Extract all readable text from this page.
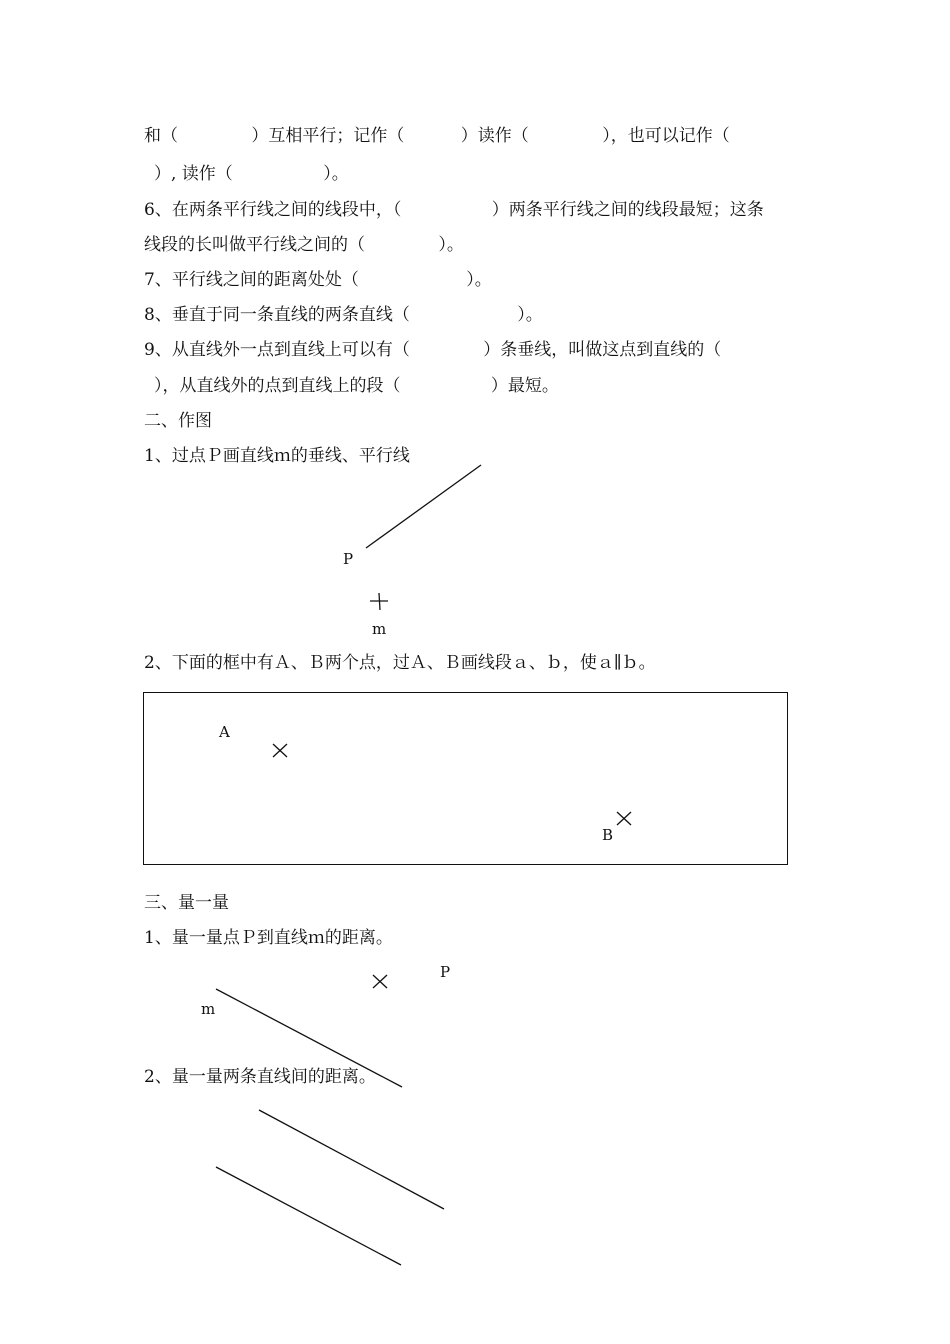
和（　　　　 ）互相平行；记作（　　　 ）读作（　　　　 ），也可以记作（

）, 读作（　　　　　 ）。

6、在两条平行线之间的线段中，（　　　　　 ）两条平行线之间的线段最短；这条

线段的长叫做平行线之间的（　　　　 ）。

7、平行线之间的距离处处（　　　　　　 ）。

8、垂直于同一条直线的两条直线（　　　　　　 ）。

9、从直线外一点到直线上可以有（　　　　 ）条垂线，叫做这点到直线的（

），从直线外的点到直线上的段（　　　　　 ）最短。

二、作图

1、过点Ｐ画直线ｍ的垂线、平行线

P
m

2、下面的框中有Ａ、Ｂ两个点，过Ａ、Ｂ画线段ａ、ｂ，使ａ∥ｂ。

A
B

三、量一量

1、量一量点Ｐ到直线ｍ的距离。

P
m

2、量一量两条直线间的距离。
